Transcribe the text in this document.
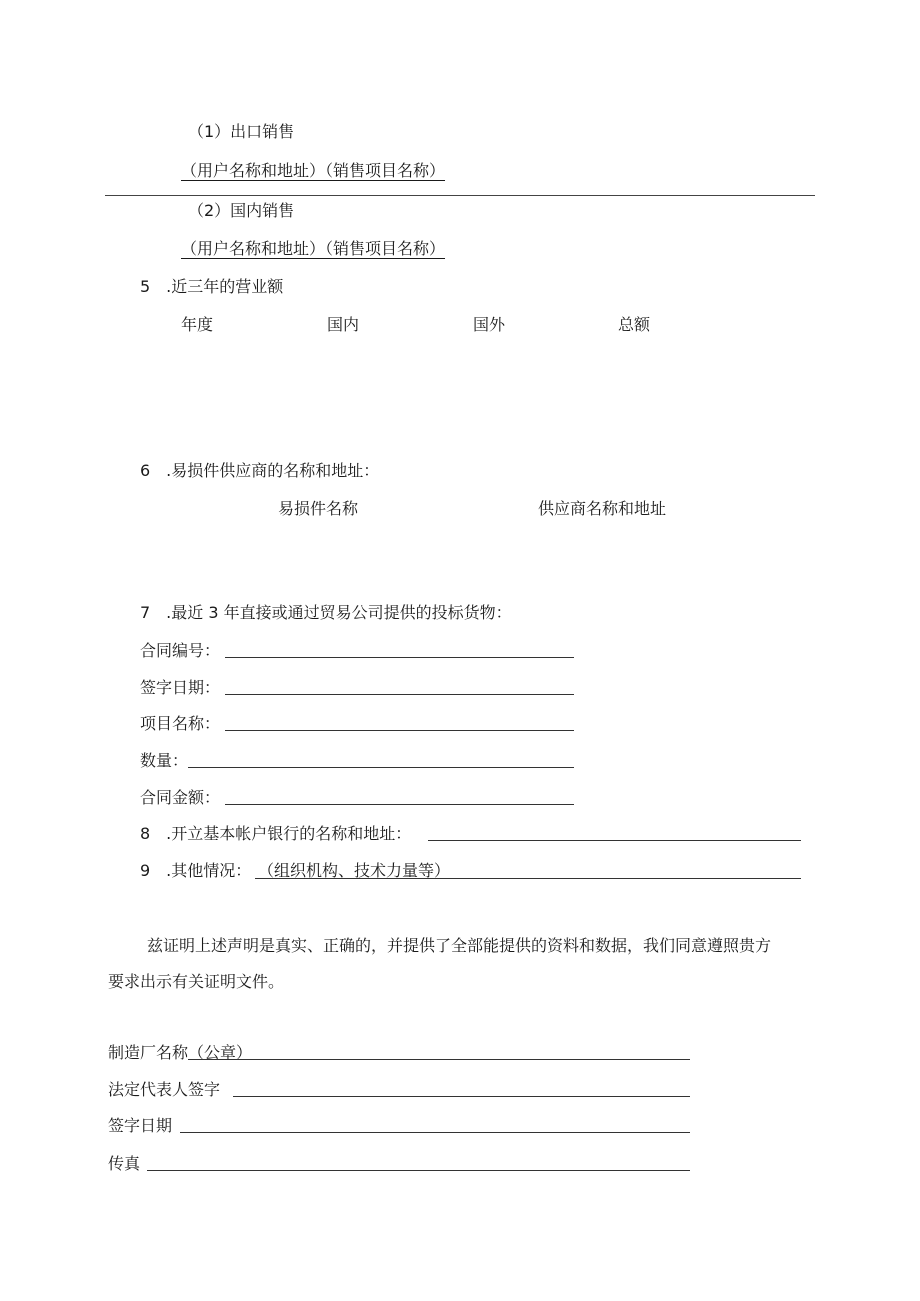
（1）出口销售
（用户名称和地址）（销售项目名称）
（2）国内销售
（用户名称和地址）（销售项目名称）
5　.近三年的营业额
年度	国内	国外	总额
6　.易损件供应商的名称和地址：
易损件名称	供应商名称和地址
7　.最近 3 年直接或通过贸易公司提供的投标货物：
合同编号：
签字日期：
项目名称：
数量：
合同金额：
8　.开立基本帐户银行的名称和地址：
9　.其他情况： （组织机构、技术力量等）
兹证明上述声明是真实、正确的，并提供了全部能提供的资料和数据，我们同意遵照贵方
要求出示有关证明文件。
制造厂名称 （公章）
法定代表人签字
签字日期
传真
